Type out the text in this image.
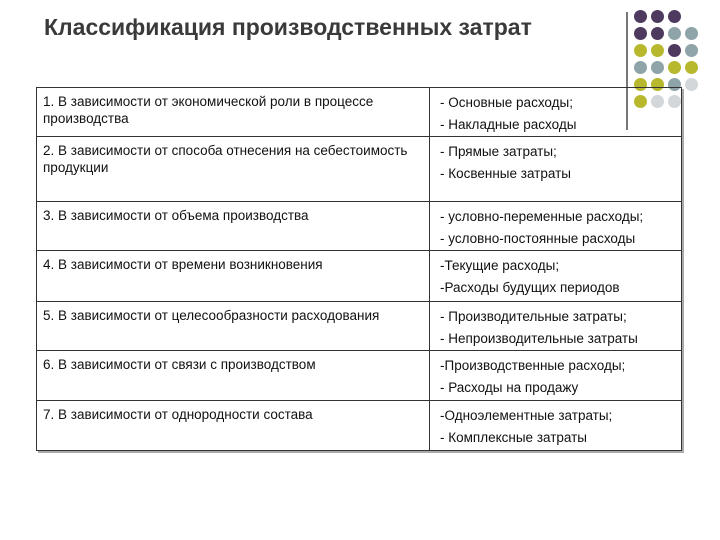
Классификация производственных затрат
1. В зависимости от экономической роли в процессе производства	- Основные расходы;
- Накладные расходы

2. В зависимости от способа отнесения на себестоимость продукции	- Прямые затраты;
- Косвенные затраты

3. В зависимости от объема производства	- условно-переменные расходы;
- условно-постоянные расходы

4. В зависимости от времени возникновения	-Текущие расходы;
-Расходы будущих периодов

5. В зависимости от целесообразности расходования	- Производительные затраты;
- Непроизводительные затраты

6. В зависимости от связи с производством	-Производственные расходы;
- Расходы на продажу

7. В зависимости от однородности состава	-Одноэлементные затраты;
- Комплексные затраты
